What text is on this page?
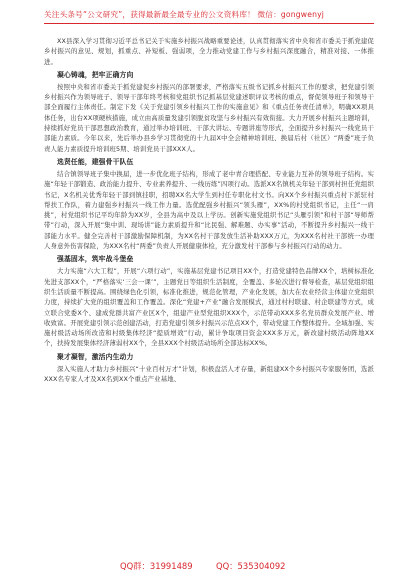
关注头条号“公文研究”，获得最新最全最专业的公文资料库！ 微信：gongwenyj

XX县深入学习贯彻习近平总书记关于实施乡村振兴战略重要论述，认真贯彻落实省中央和省市委关于抓党建促乡村振兴的意见、规划，抓重点、补短板、强弱项，全力推动党建工作与乡村振兴深度融合，精准对接、一体推进。

凝心铸魂，把牢正确方向

按照中央和省市委关于抓党建促乡村振兴的部署要求，严格落实五级书记抓乡村振兴工作的要求，把党建引领乡村振兴作为领导班子、领导干部年终考核和党组织书记抓基层党建述职评议考核的重点，督促领导班子和领导干部全面履行主体责任。制定下发《关于党建引领乡村振兴工作的实施意见》和《重点任务责任清单》，明确XX项具体任务，出台XX项硬核措施，成立由高质量发建引领脱贫攻坚与乡村振兴有效衔接。大力开展乡村振兴主题培训，持续抓好党员干部思想政治教育，通过举办培训班、干部大讲坛、专题讲座等形式，全面提升乡村振兴一线党员干部能力素质。今年以来，先后举办县乡学习贯彻党的十九届X中全会精神培训班、换届后村（社区）“两委”班子负责人能力素质提升培训班5期、培训党员干部XXX人。

选贤任能，建强骨干队伍

结合镇领导班子集中换届，进一步优化班子结构，形成了老中青合理搭配、专业能力互补的领导班子结构。实施“年轻干部锻造、政治能力提升、专业素养提升、一线历练”四项行动。选派XX名镇机关年轻干部到村担任党组织书记，X名机关优秀年轻干部到镇挂职，招聘XX名大学生到村任专职化村文书。向XX个乡村振兴重点村下派驻村帮扶工作队，着力建强乡村振兴一线工作力量。选优配强乡村振兴“领头雁”，XX%的村党组织书记，主任“一肩挑”，村党组织书记平均年龄为XX岁，全县为高中及以上学历。创新实施党组织书记“头雁引领”和村干部“导师帮带”行动，深入开展“集中训、现场讲”能力素质提升和“比民强、解难题、办实事”活动，不断提升乡村振兴一线干部能力水平。健全完善村干部激励保障机制，为XX名村干部发放生活补助XXX万元，为XXX名村社干部统一办理人身意外伤害保险，为XXX名村“两委”负责人开展健康体检，充分激发村干部参与乡村振兴行动的动力。

强基固本，筑牢战斗堡垒

大力实施“六大工程”，开展“六项行动”，实施基层党建书记项目XX个，打造党建特色品牌XX个，培树标准化先进支部XX个，“严格落实‘三会一课’”，主题党日等组织生活制度，全覆盖、多轮次进行督导检查，基层党组织组织生活质量不断提高。围绕绿色化引领，标准化推进，规范化管理，产业化发展，加大在农业经营主体建立党组织力度，持续扩大党的组织覆盖和工作覆盖。深化“党建+产业”融合发展模式，通过村村联建、村企联建等方式，成立联合党委X个、建成党群共富产业区X个，组建产业型党组织XXX个，示范带动XXX多名党员群众发展产业、增收致富。开展党建引领示范创建活动，打造党建引领乡村振兴示范点XX个，带动党建工作整体提升。全域加强、实施村级活动场所改造和村级集体经济“提质增效”行动，累计争取项目资金XXX多万元，新改建村级活动阵地XX个，扶持发展集体经济薄弱村XX个，全县XXX个村级活动场所全部达标XX%。

聚才凝智，激活内生动力

深入实施人才助力乡村振兴“十业百村万才”计划，积极盘活人才存量，新组建XX个乡村振兴专家服务团，选派XXX名专家人才及XX名到XX个重点产业基地、

QQ群：31991489	QQ：535304092
